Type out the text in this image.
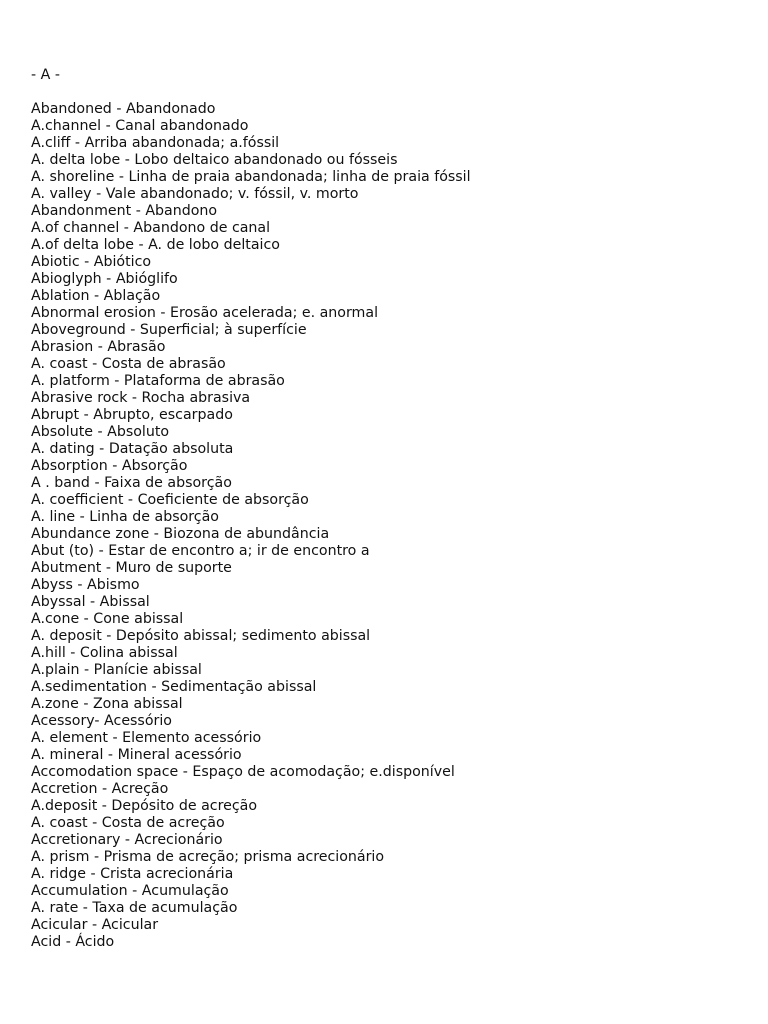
- A -
Abandoned - Abandonado
A.channel - Canal abandonado
A.cliff - Arriba abandonada; a.fóssil
A. delta lobe - Lobo deltaico abandonado ou fósseis
A. shoreline - Linha de praia abandonada; linha de praia fóssil
A. valley - Vale abandonado; v. fóssil, v. morto
Abandonment - Abandono
A.of channel - Abandono de canal
A.of delta lobe - A. de lobo deltaico
Abiotic - Abiótico
Abioglyph - Abióglifo
Ablation - Ablação
Abnormal erosion - Erosão acelerada; e. anormal
Aboveground - Superficial; à superfície
Abrasion - Abrasão
A. coast - Costa de abrasão
A. platform - Plataforma de abrasão
Abrasive rock - Rocha abrasiva
Abrupt - Abrupto, escarpado
Absolute - Absoluto
A. dating - Datação absoluta
Absorption - Absorção
A . band - Faixa de absorção
A. coefficient - Coeficiente de absorção
A. line - Linha de absorção
Abundance zone - Biozona de abundância
Abut (to) - Estar de encontro a; ir de encontro a
Abutment - Muro de suporte
Abyss - Abismo
Abyssal - Abissal
A.cone - Cone abissal
A. deposit - Depósito abissal; sedimento abissal
A.hill - Colina abissal
A.plain - Planície abissal
A.sedimentation - Sedimentação abissal
A.zone - Zona abissal
Acessory- Acessório
A. element - Elemento acessório
A. mineral - Mineral acessório
Accomodation space - Espaço de acomodação; e.disponível
Accretion - Acreção
A.deposit - Depósito de acreção
A. coast - Costa de acreção
Accretionary - Acrecionário
A. prism - Prisma de acreção; prisma acrecionário
A. ridge - Crista acrecionária
Accumulation - Acumulação
A. rate - Taxa de acumulação
Acicular - Acicular
Acid - Ácido
